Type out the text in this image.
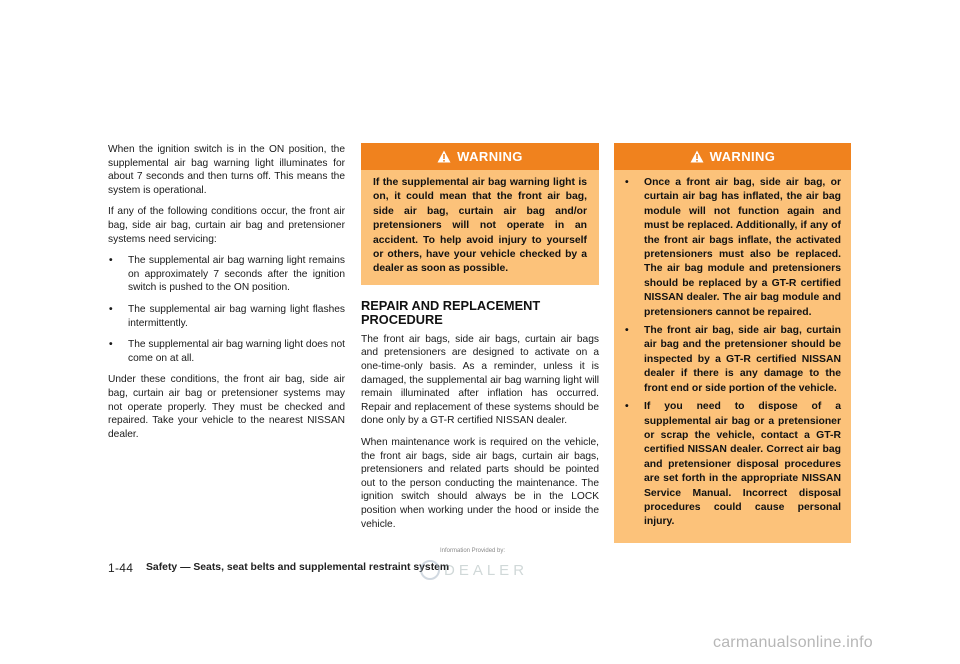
When the ignition switch is in the ON position, the supplemental air bag warning light illuminates for about 7 seconds and then turns off. This means the system is operational.

If any of the following conditions occur, the front air bag, side air bag, curtain air bag and pretensioner systems need servicing:

• The supplemental air bag warning light remains on approximately 7 seconds after the ignition switch is pushed to the ON position.
• The supplemental air bag warning light flashes intermittently.
• The supplemental air bag warning light does not come on at all.

Under these conditions, the front air bag, side air bag, curtain air bag or pretensioner systems may not operate properly. They must be checked and repaired. Take your vehicle to the nearest NISSAN dealer.

WARNING
If the supplemental air bag warning light is on, it could mean that the front air bag, side air bag, curtain air bag and/or pretensioners will not operate in an accident. To help avoid injury to yourself or others, have your vehicle checked by a dealer as soon as possible.
REPAIR AND REPLACEMENT PROCEDURE

The front air bags, side air bags, curtain air bags and pretensioners are designed to activate on a one-time-only basis. As a reminder, unless it is damaged, the supplemental air bag warning light will remain illuminated after inflation has occurred. Repair and replacement of these systems should be done only by a GT-R certified NISSAN dealer.

When maintenance work is required on the vehicle, the front air bags, side air bags, curtain air bags, pretensioners and related parts should be pointed out to the person conducting the maintenance. The ignition switch should always be in the LOCK position when working under the hood or inside the vehicle.

WARNING
• Once a front air bag, side air bag, or curtain air bag has inflated, the air bag module will not function again and must be replaced. Additionally, if any of the front air bags inflate, the activated pretensioners must also be replaced. The air bag module and pretensioners should be replaced by a GT-R certified NISSAN dealer. The air bag module and pretensioners cannot be repaired.
• The front air bag, side air bag, curtain air bag and the pretensioner should be inspected by a GT-R certified NISSAN dealer if there is any damage to the front end or side portion of the vehicle.
• If you need to dispose of a supplemental air bag or a pretensioner or scrap the vehicle, contact a GT-R certified NISSAN dealer. Correct air bag and pretensioner disposal procedures are set forth in the appropriate NISSAN Service Manual. Incorrect disposal procedures could cause personal injury.
1-44 Safety — Seats, seat belts and supplemental restraint system
Information Provided by:
DEALER
carmanualsonline.info
